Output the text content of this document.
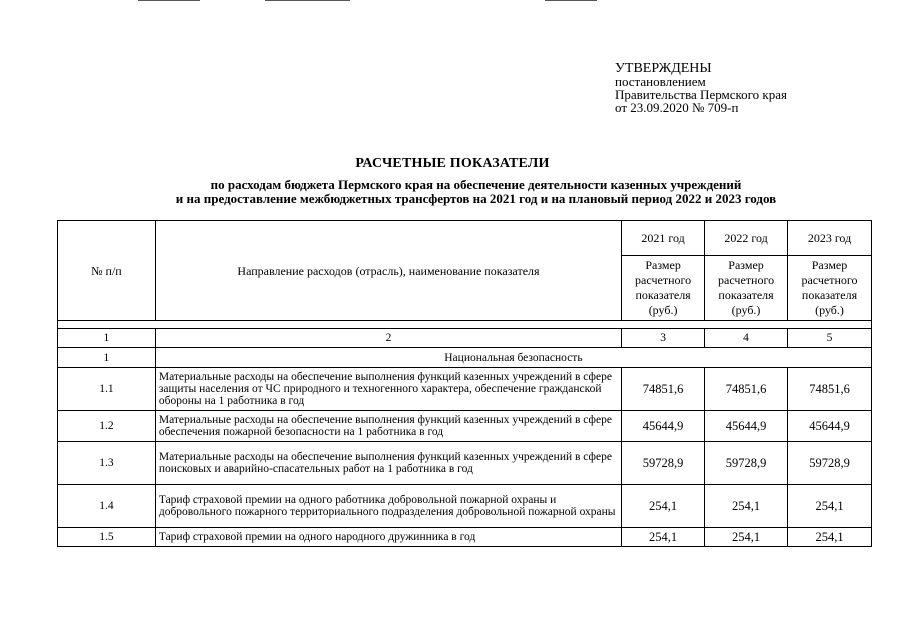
УТВЕРЖДЕНЫ
постановлением
Правительства Пермского края
от 23.09.2020 № 709-п
РАСЧЕТНЫЕ ПОКАЗАТЕЛИ
по расходам бюджета Пермского края на обеспечение деятельности казенных учреждений
и на предоставление межбюджетных трансфертов на 2021 год и на плановый период 2022 и 2023 годов
№ п/п	Направление расходов (отрасль), наименование показателя	2021 год	2022 год	2023 год
		Размер расчетного показателя (руб.)	Размер расчетного показателя (руб.)	Размер расчетного показателя (руб.)

1	2	3	4	5
1	Национальная безопасность			
1.1	Материальные расходы на обеспечение выполнения функций казенных учреждений в сфере защиты населения от ЧС природного и техногенного характера, обеспечение гражданской обороны на 1 работника в год	74851,6	74851,6	74851,6
1.2	Материальные расходы на обеспечение выполнения функций казенных учреждений в сфере обеспечения пожарной безопасности на 1 работника в год	45644,9	45644,9	45644,9
1.3	Материальные расходы на обеспечение выполнения функций казенных учреждений в сфере поисковых и аварийно-спасательных работ на 1 работника в год	59728,9	59728,9	59728,9
1.4	Тариф страховой премии на одного работника добровольной пожарной охраны и добровольного пожарного территориального подразделения добровольной пожарной охраны	254,1	254,1	254,1
1.5	Тариф страховой премии на одного народного дружинника в год	254,1	254,1	254,1
